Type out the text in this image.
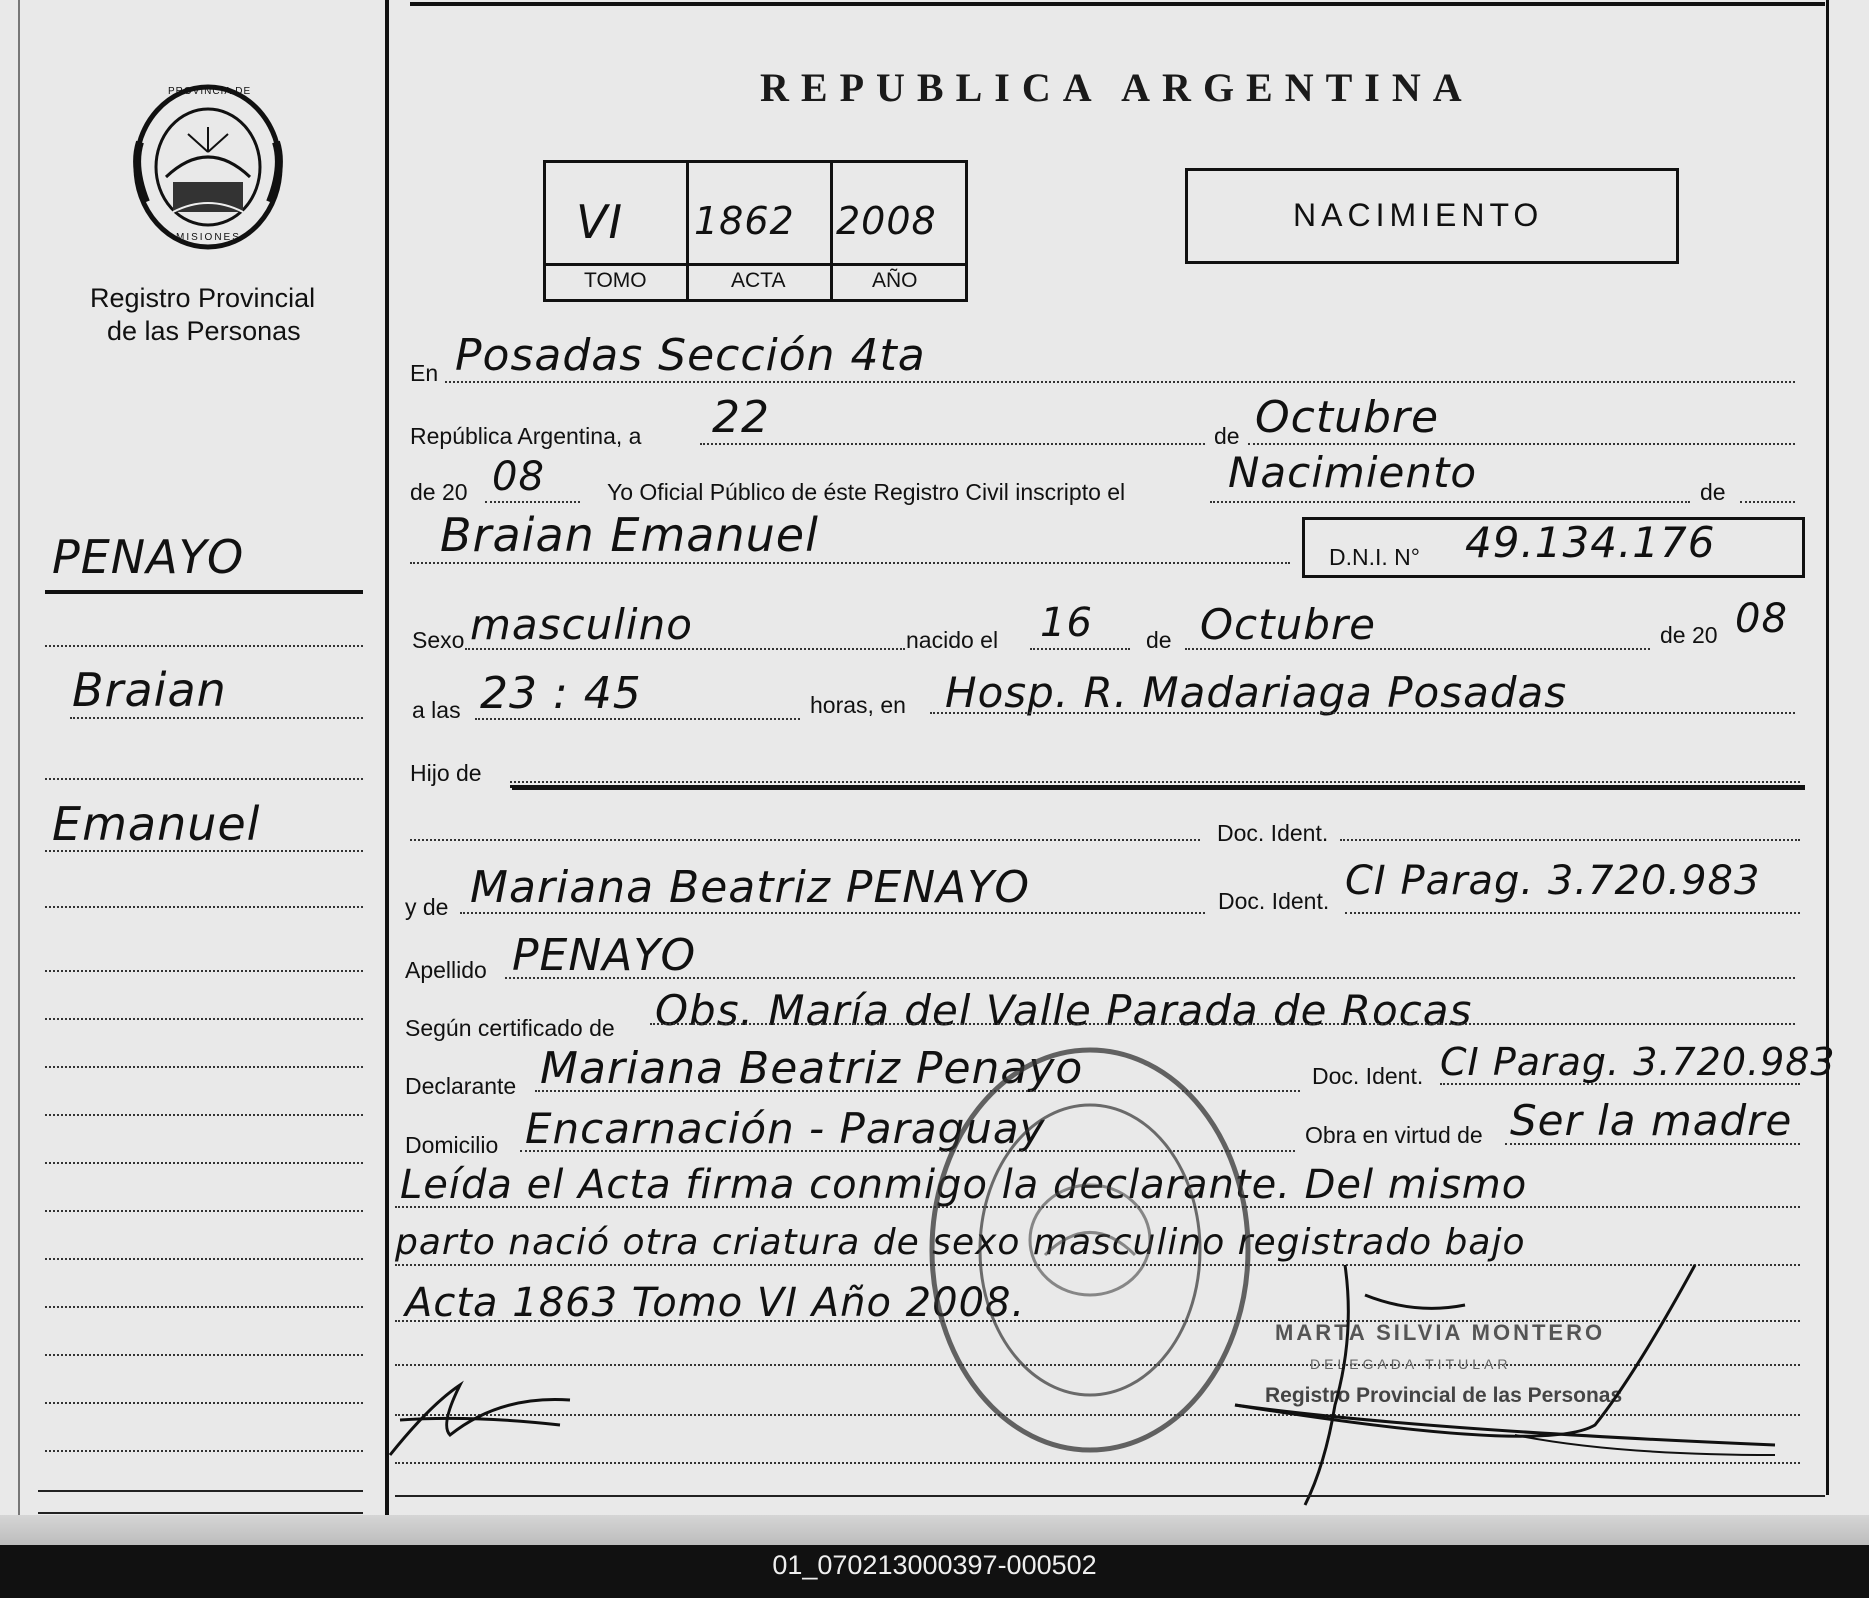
PROVINCIA DE
MISIONES
Registro Provincial
de las Personas
PENAYO
Braian
Emanuel
REPUBLICA ARGENTINA
VI 1862 2008
TOMO	ACTA	AÑO
NACIMIENTO
En Posadas Sección 4ta
República Argentina, a 22	de Octubre
de 20 08	Yo Oficial Público de éste Registro Civil inscripto el Nacimiento	de
Braian Emanuel	D.N.I. N° 49.134.176
Sexo masculino	nacido el 16 de Octubre	de 20 08
a las 23 : 45	horas, en Hosp. R. Madariaga Posadas
Hijo de
Doc. Ident.
y de Mariana Beatriz PENAYO	Doc. Ident. CI Parag. 3.720.983
Apellido PENAYO
Según certificado de Obs. María del Valle Parada de Rocas
Declarante Mariana Beatriz Penayo	Doc. Ident. CI Parag. 3.720.983
Domicilio Encarnación - Paraguay	Obra en virtud de Ser la madre
Leída el Acta firma conmigo la declarante. Del mismo
parto nació otra criatura de sexo masculino registrado bajo
Acta 1863 Tomo VI Año 2008.
MARTA SILVIA MONTERO
DELEGADA TITULAR
Registro Provincial de las Personas
01_070213000397-000502
